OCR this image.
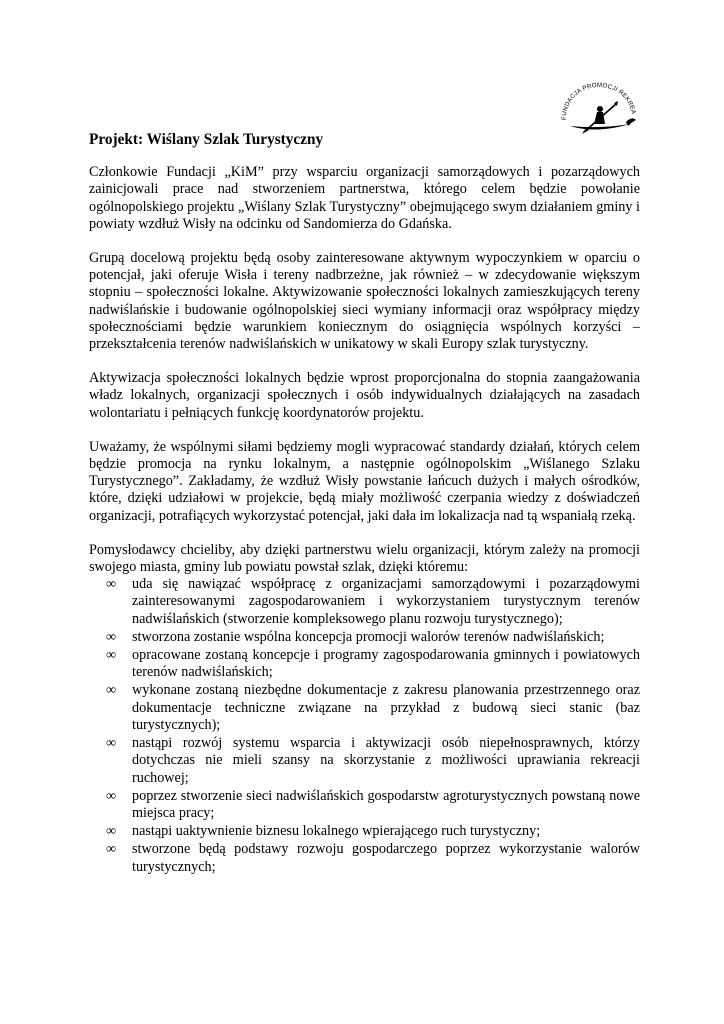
FUNDACJA PROMOCJI REKREA
Projekt: Wiślany Szlak Turystyczny

Członkowie Fundacji „KiM” przy wsparciu organizacji samorządowych i pozarządowych zainicjowali prace nad stworzeniem partnerstwa, którego celem będzie powołanie ogólnopolskiego projektu „Wiślany Szlak Turystyczny” obejmującego swym działaniem gminy i powiaty wzdłuż Wisły na odcinku od Sandomierza do Gdańska.

Grupą docelową projektu będą osoby zainteresowane aktywnym wypoczynkiem w oparciu o potencjał, jaki oferuje Wisła i tereny nadbrzeżne, jak również – w zdecydowanie większym stopniu – społeczności lokalne. Aktywizowanie społeczności lokalnych zamieszkujących tereny nadwiślańskie i budowanie ogólnopolskiej sieci wymiany informacji oraz współpracy między społecznościami będzie warunkiem koniecznym do osiągnięcia wspólnych korzyści – przekształcenia terenów nadwiślańskich w unikatowy w skali Europy szlak turystyczny.

Aktywizacja społeczności lokalnych będzie wprost proporcjonalna do stopnia zaangażowania władz lokalnych, organizacji społecznych i osób indywidualnych działających na zasadach wolontariatu i pełniących funkcję koordynatorów projektu.

Uważamy, że wspólnymi siłami będziemy mogli wypracować standardy działań, których celem będzie promocja na rynku lokalnym, a następnie ogólnopolskim „Wiślanego Szlaku Turystycznego”. Zakładamy, że wzdłuż Wisły powstanie łańcuch dużych i małych ośrodków, które, dzięki udziałowi w projekcie, będą miały możliwość czerpania wiedzy z doświadczeń organizacji, potrafiących wykorzystać potencjał, jaki dała im lokalizacja nad tą wspaniałą rzeką.

Pomysłodawcy chcieliby, aby dzięki partnerstwu wielu organizacji, którym zależy na promocji swojego miasta, gminy lub powiatu powstał szlak, dzięki któremu:
∞ uda się nawiązać współpracę z organizacjami samorządowymi i pozarządowymi zainteresowanymi zagospodarowaniem i wykorzystaniem turystycznym terenów nadwiślańskich (stworzenie kompleksowego planu rozwoju turystycznego);
∞ stworzona zostanie wspólna koncepcja promocji walorów terenów nadwiślańskich;
∞ opracowane zostaną koncepcje i programy zagospodarowania gminnych i powiatowych terenów nadwiślańskich;
∞ wykonane zostaną niezbędne dokumentacje z zakresu planowania przestrzennego oraz dokumentacje techniczne związane na przykład z budową sieci stanic (baz turystycznych);
∞ nastąpi rozwój systemu wsparcia i aktywizacji osób niepełnosprawnych, którzy dotychczas nie mieli szansy na skorzystanie z możliwości uprawiania rekreacji ruchowej;
∞ poprzez stworzenie sieci nadwiślańskich gospodarstw agroturystycznych powstaną nowe miejsca pracy;
∞ nastąpi uaktywnienie biznesu lokalnego wpierającego ruch turystyczny;
∞ stworzone będą podstawy rozwoju gospodarczego poprzez wykorzystanie walorów turystycznych;
